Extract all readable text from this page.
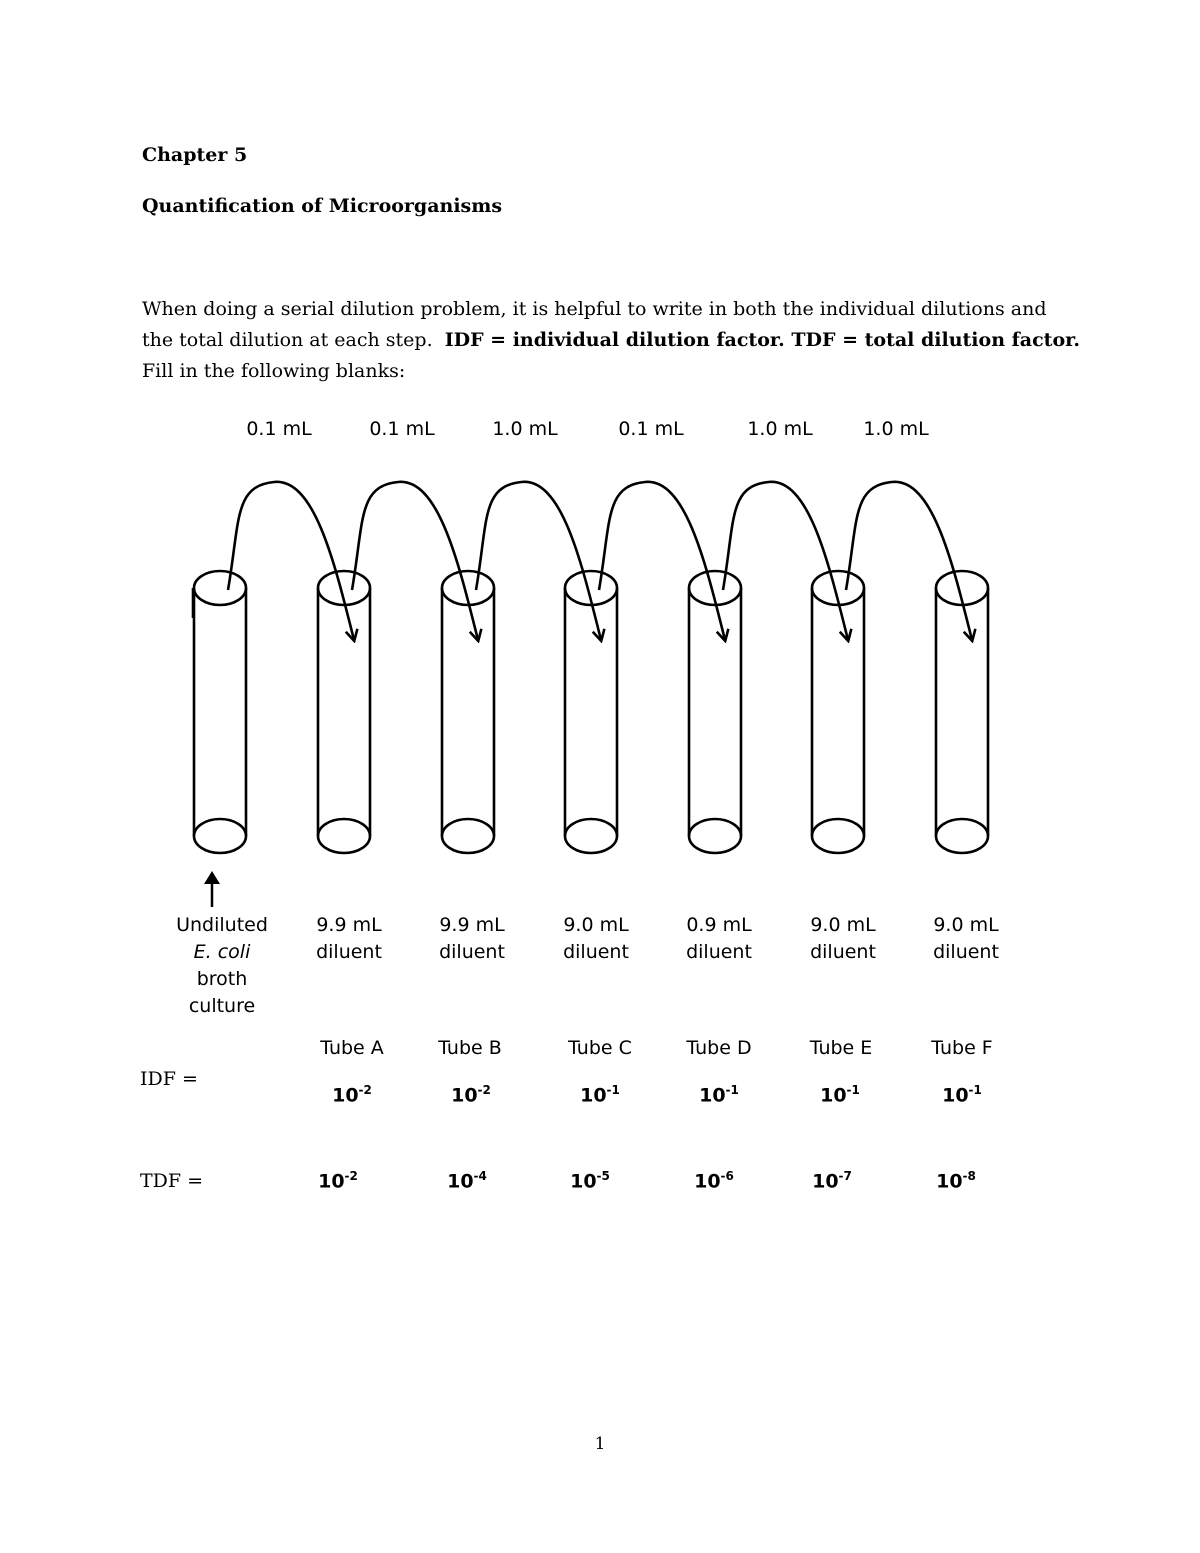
Chapter 5
Quantification of Microorganisms

When doing a serial dilution problem, it is helpful to write in both the individual dilutions and

the total dilution at each step.  IDF = individual dilution factor. TDF = total dilution factor.

Fill in the following blanks:

0.1 mL	0.1 mL	1.0 mL	0.1 mL	1.0 mL	1.0 mL
Undiluted
E. coli
broth
culture
9.9 mL
diluent
9.9 mL
diluent
9.0 mL
diluent
0.9 mL
diluent
9.0 mL
diluent
9.0 mL
diluent
Tube A	Tube B	Tube C	Tube D	Tube E	Tube F
IDF =
$10^{-2}$	$10^{-2}$	$10^{-1}$	$10^{-1}$	$10^{-1}$	$10^{-1}$
TDF =	$10^{-2}$	$10^{-4}$	$10^{-5}$	$10^{-6}$	$10^{-7}$	$10^{-8}$
1
